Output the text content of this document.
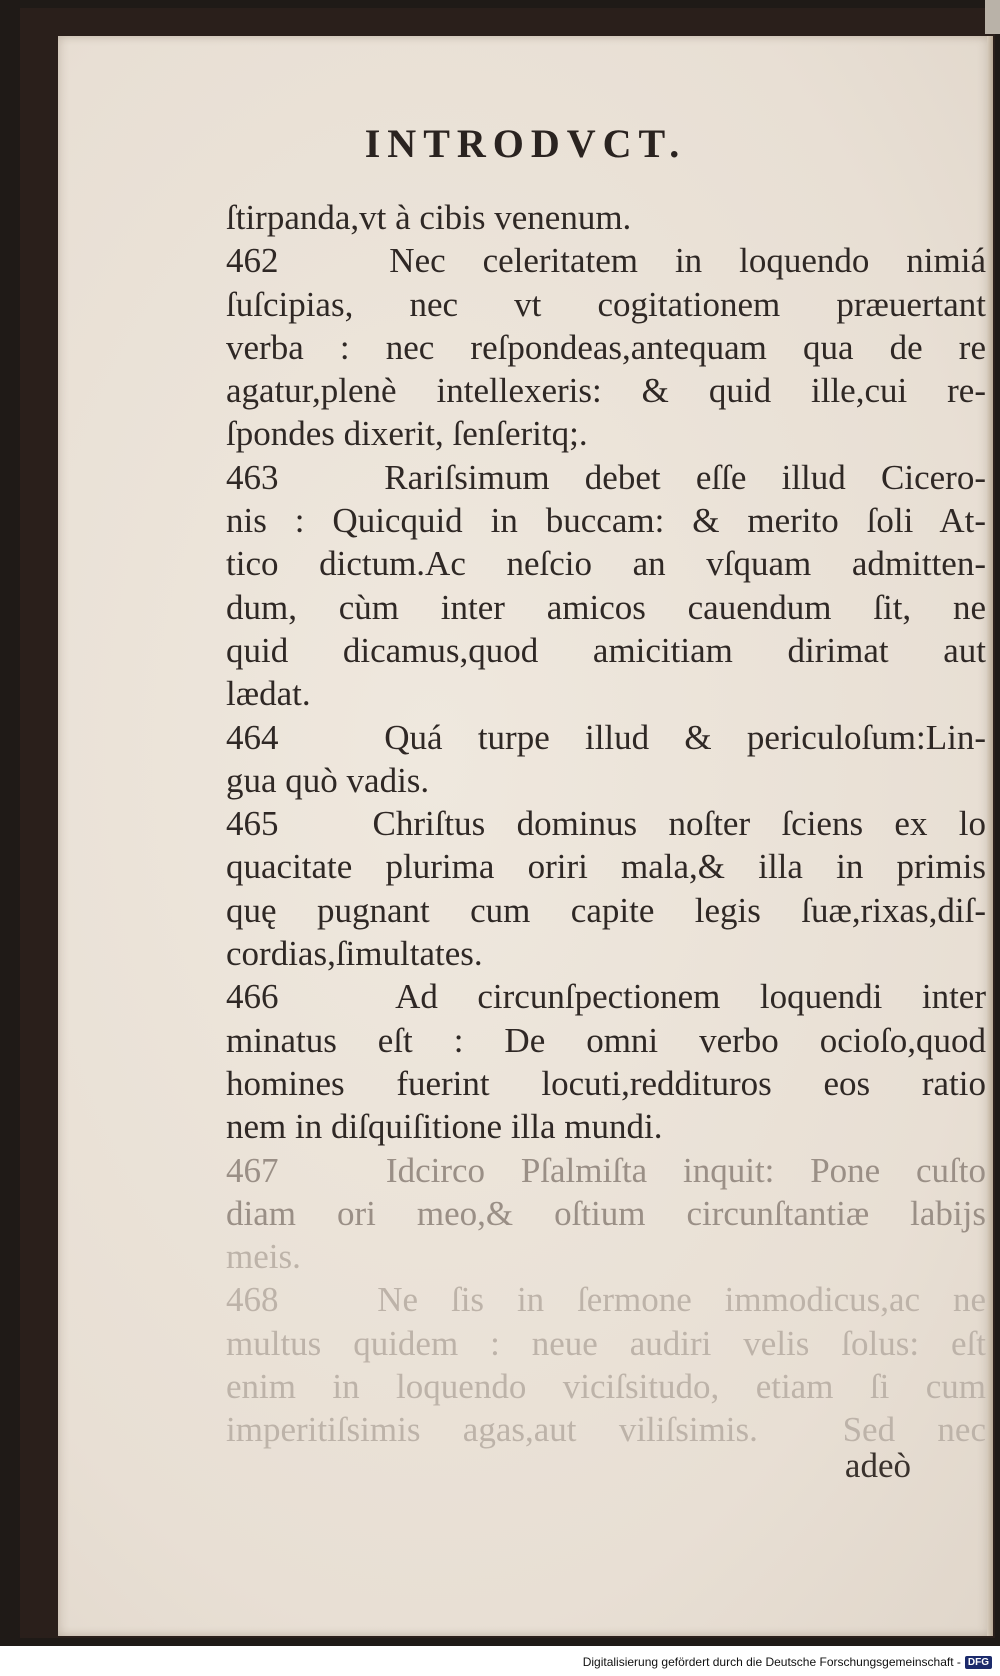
INTRODVCT.
ſtirpanda,vt à cibis venenum.
462   Nec celeritatem in loquendo nimiá
ſuſcipias, nec vt cogitationem præuertant
verba : nec reſpondeas,antequam qua de re
agatur,plenè intellexeris: & quid ille,cui re-
ſpondes dixerit, ſenſeritq;.
463   Rariſsimum debet eſſe illud Cicero-
nis : Quicquid in buccam: & merito ſoli At-
tico dictum.Ac neſcio an vſquam admitten-
dum, cùm inter amicos cauendum ſit, ne
quid dicamus,quod amicitiam dirimat aut
lædat.
464   Quá turpe illud & periculoſum:Lin-
gua quò vadis.
465   Chriſtus dominus noſter ſciens ex lo
quacitate plurima oriri mala,& illa in primis
quę pugnant cum capite legis ſuæ,rixas,diſ-
cordias,ſimultates.
466   Ad circunſpectionem loquendi inter
minatus eſt : De omni verbo ocioſo,quod
homines fuerint locuti,reddituros eos ratio
nem in diſquiſitione illa mundi.
467   Idcirco Pſalmiſta inquit: Pone cuſto
diam ori meo,& oſtium circunſtantiæ labijs
meis.
468   Ne ſis in ſermone immodicus,ac ne
multus quidem : neue audiri velis ſolus: eſt
enim in loquendo viciſsitudo, etiam ſi cum
imperitiſsimis agas,aut viliſsimis.  Sed nec
adeò
Digitalisierung gefördert durch die Deutsche Forschungsgemeinschaft - DFG
